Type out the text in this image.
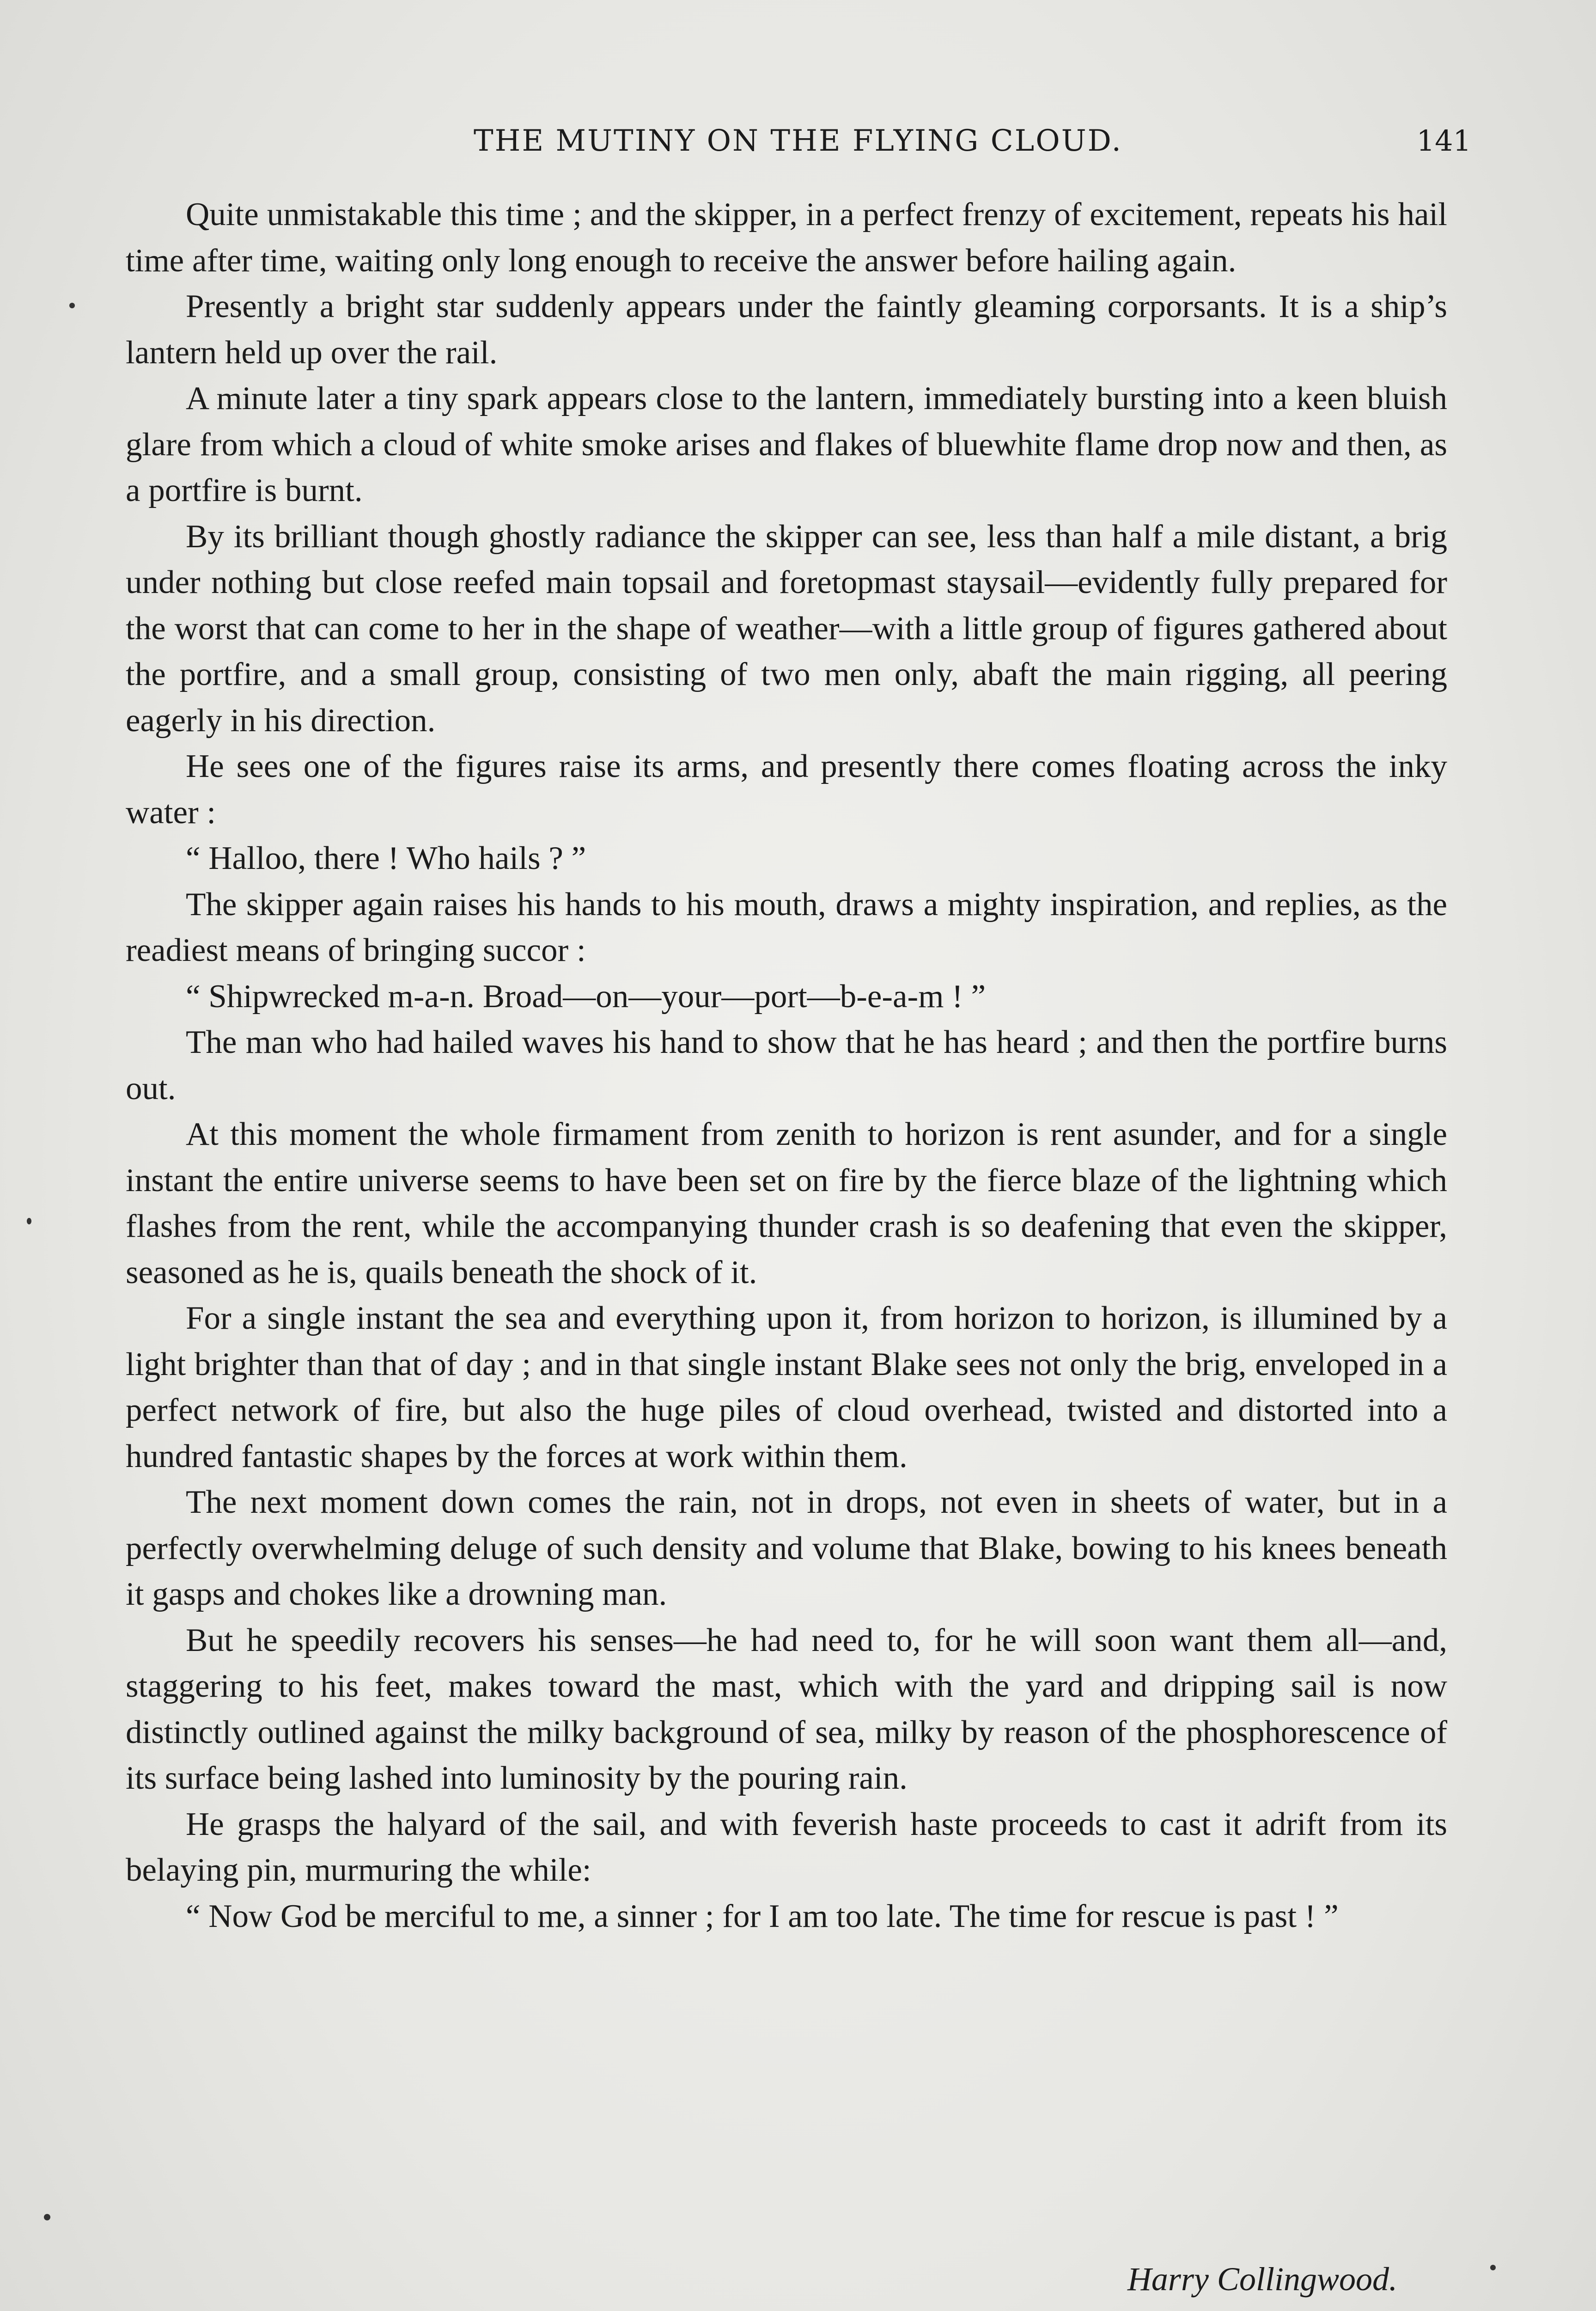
THE MUTINY ON THE FLYING CLOUD.	141

Quite unmistakable this time ; and the skipper, in a perfect frenzy of excitement, repeats his hail time after time, waiting only long enough to receive the answer before hailing again.

Presently a bright star suddenly appears under the faintly gleaming corporsants. It is a ship’s lantern held up over the rail.

A minute later a tiny spark appears close to the lantern, immediately bursting into a keen bluish glare from which a cloud of white smoke arises and flakes of bluewhite flame drop now and then, as a portfire is burnt.

By its brilliant though ghostly radiance the skipper can see, less than half a mile distant, a brig under nothing but close reefed main topsail and foretopmast staysail—evidently fully prepared for the worst that can come to her in the shape of weather—with a little group of figures gathered about the portfire, and a small group, consisting of two men only, abaft the main rigging, all peering eagerly in his direction.

He sees one of the figures raise its arms, and presently there comes floating across the inky water :

“ Halloo, there ! Who hails ? ”

The skipper again raises his hands to his mouth, draws a mighty inspiration, and replies, as the readiest means of bringing succor :

“ Shipwrecked m-a-n. Broad—on—your—port—b-e-a-m ! ”

The man who had hailed waves his hand to show that he has heard ; and then the portfire burns out.

At this moment the whole firmament from zenith to horizon is rent asunder, and for a single instant the entire universe seems to have been set on fire by the fierce blaze of the lightning which flashes from the rent, while the accompanying thunder crash is so deafening that even the skipper, seasoned as he is, quails beneath the shock of it.

For a single instant the sea and everything upon it, from horizon to horizon, is illumined by a light brighter than that of day ; and in that single instant Blake sees not only the brig, enveloped in a perfect network of fire, but also the huge piles of cloud overhead, twisted and distorted into a hundred fantastic shapes by the forces at work within them.

The next moment down comes the rain, not in drops, not even in sheets of water, but in a perfectly overwhelming deluge of such density and volume that Blake, bowing to his knees beneath it gasps and chokes like a drowning man.

But he speedily recovers his senses—he had need to, for he will soon want them all—and, staggering to his feet, makes toward the mast, which with the yard and dripping sail is now distinctly outlined against the milky background of sea, milky by reason of the phosphorescence of its surface being lashed into luminosity by the pouring rain.

He grasps the halyard of the sail, and with feverish haste proceeds to cast it adrift from its belaying pin, murmuring the while:

“ Now God be merciful to me, a sinner ; for I am too late. The time for rescue is past ! ”

Harry Collingwood.
